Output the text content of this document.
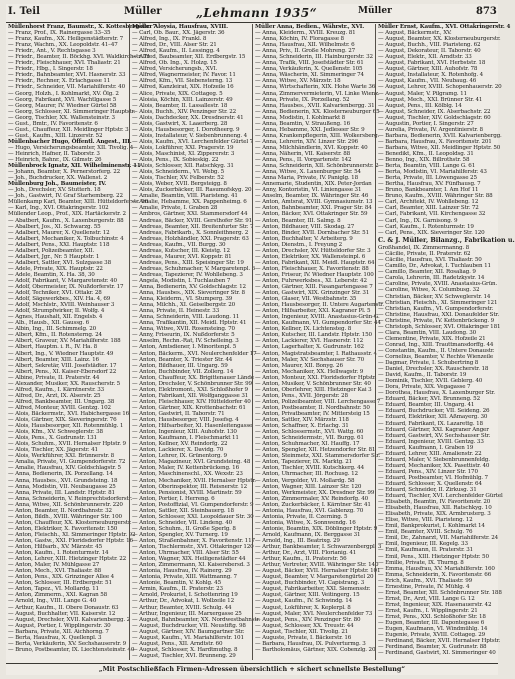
I. Teil	Müller	„Lehmann 1935“	Müller	873
Müllenhorst Franz, Baumstr., X. Kottesberg-str. 7
— Franz, Prof., IX. Rainergasse 33–35
— Franz, Kaufm., XX. Heiligenstädterstr. 7
— Franz, Wachm., XX. Leopoldstr. 41–47
— Friedr., Ant., V. Rechtsgasse 3
— Friedr., Beamter, II. Böckhg. XVI. Waldkirchstr. 71
— Friedr., Fleischhauer, XVI. Thaliastr. 21
— Friedr., Hbg., I. Singerstr. 18
— Friedr., Bahnbeamter, XVI. Hasnerstr. 33
— Friedr., Rechner, X. Erlachgasse 11
— Friedr., Schneider, VII. Mariahilferstr. 40
— Georg, Holzh., I. Kohlmarkt, XV. Ölg. 2
— Georg, Fabrikant, XVI. Wachtlgasse 5
— Georg, Maurer, IV. Wiedner Gürtel 58
— Georg, Schlosser, XI. Simmeringer Hauptstr.
— Georg, Tischler, XX. Wallensteinstr. 3
— Gust., Bmtr., IV. Favoritenstr. 6
— Gust., Chauffeur, XII. Meidlinger Hptstr. 3
— Gust., Kaufm., XIII. Linzerstr. 52
Müllenbacher Hugo, Öffentl. Angest., III.
— Hugo, Versicherungsbeamter, XII. Tivolig. 4
— Heinrich, Hafner, II. Taborstr. 3
— Heinrich, Bahnr., IX. Gilmstr. 26
Müllenbrock Ignatz, XII. Wilhelminenstr. 11
— Johann, Beamter, X. Pernerstorferg. 22
— Joh., Buchdrucker, XX. Wallenst. 2
Müllenburg Joh., Baumeister, IV.
— Joh., Drechsler, XV. Stutterh. 18
— Joh., Gastwirt, IV. Graf Starhemberg. 22
Müllenkamp Karl, Beamter, XIII. Hütteldorferstr. 90
— Karl, Ing., XVI. Ottakringerstr. 102
Müllender Leop., Prof., XIX. Hartäckerstr. 2
— Abatbert, Kaufm., X. Laxenburgerstr. 88
— Abalbert, Jos., XI. Schwarzg. 55
— Adalbert, Maurer, X. Quellenstr. 12
— Adalbert, Mechaniker, X. Tolbuchinstr. 4
— Adalbert, Pens., XXI. Hauptstr. 118
— Adalbert, Polizeibeamter, XII.
— Adalbert, Jgr., Nr. 5 Hauptstr. 1
— Adalbert, Sattler, XVI. Sulzgasse 38
— Adele, Private, XIX. Hauptstr. 22
— Adele, Beamtin, X. Ha. 38, 30
— Adolf, Fabrikant, V. Margaretenstr. 40
— Adolf, Obermeister, IX. Nußdorferstr. 17
— Adolf, Techniker, XVI. Ottakr. 28
— Adolf, Sägewerkbes., XIV. Ha. 4, 69
— Adolf, Mschlstr., XVIII. Weinhauser 3
— Adolf, Strumpfwirker, II. Wolfg. 4
— Agnes, Haushalt, XII. Engelsb. 4
— Alb., Hausb., XII. Gaussg. 6
— Albin, Ing., III. Schimmelg. 20
— Albert, Kfm., II. Rotensterng. 24
— Albert, Graveur, XV. Mariahilferstr. 188
— Albert, Hauptm. i. R., IV. Ha. 8
— Albert, Ing., V. Wiedner Hauptstr. 49
— Albert, Beamter, XIII. Lainz. 16
— Albert, Sekretär, VIII. Josefstädter. 17
— Albert, Pens., XI. Kaiser-Ebersdorf 22
— Albine, Private, II. Praterstr. 44
— Alexander, Musiker, XX. Rauscherstr. 5
— Alfred, Kaufm., I. Kärntnerstr. 33
— Alfred, Dr., Arzt, IX. Alserstr. 25
— Alfred, Bankbeamter, III. Ungarg. 38
— Alfred, Monteur, XVIII. Gentzg. 102
— Alois, Bäckermstr., XVI. Habichergasse 16
— Alois, Gärtner, XIX. Sieveringerstr. 76
— Alois, Hausbesorger, XII. Rotenmühlg. 1
— Alois, Kfm., XV. Schweglerstr. 38
— Alois, Pens., X. Gudrunstr. 131
— Alois, Schuhm., XVII. Hernalser Hptstr. 9
— Alois, Tischler, XX. Jägerstr. 41
— Alois, Werkführer, XXI. Brünnerstr. 8
— Amalia, Private, VI. Gumpendorferstr. 72
— Amalie, Hausfrau, XIV. Goldschlagstr. 5
— Anna, Bedienerin, IX. Porzellang. 14
— Anna, Hausbes., XVI. Grundsteing. 18
— Anna, Modistin, VII. Neubaugasse 25
— Anna, Private, III. Landstr. Hptstr. 81
— Anna, Schneiderin, V. Reinprechtsdorferstr.
— Anna, Witwe, XII. Schönbrunnerstr. 220
— Anton, Beamter, II. Nordbahnstr. 32
— Anton, Bildh., XVIII. Währinger Str. 100
— Anton, Chauffeur, XX. Klosterneuburgerstr.
— Anton, Elektriker, X. Favoritenstr. 150
— Anton, Fleischh., XI. Simmeringer Hptstr. 92
— Anton, Gastw., XXI. Floridsdorfer Hptstr. 16
— Anton, Hilfsarb., XV. Märzstr. 45
— Anton, Kaufm., I. Rotenturmstr. 14
— Anton, Lehrer, XIII. Hietzinger Hptstr. 22
— Anton, Maler, IV. Mühlgasse 27
— Anton, Mech., XVI. Thaliastr. 88
— Anton, Pens., XIX. Grinzinger Allee 4
— Anton, Schlosser, III. Erdbergstr. 51
— Anton, Tapez., VI. Mollardg. 11
— Anton, Zimmerm., XXI. Kagran 58
— Arnold, Ing., VIII. Lange G. 40
— Arthur, Kaufm., II. Obere Donaustr. 63
— August, Buchhalter, VII. Kaiserstr. 12
— August, Drechsler, XVII. Kalvarienbergg. 2
— August, Portier, I. Wipplingerstr. 30
— Barbara, Private, XII. Aichhorng. 7
— Berta, Hausfrau, X. Quellenpl. 3
— Berta, Verkäuferin, XV. Sechshauserstr. 9
— Bruno, Postbeamter, IX. Liechtensteinstr. 40
Müller Aloysia, Hausfrau, XVIII.
— Carl, Ob. Baur., XX. Jägerstr. 36
— Alfred, Ing., IX. Frankl. 8
— Alfred, Dr., VIII. Alser Str. 21
— Alfred, Kaufm., II. Lessingg. 4
— Alfred, Baubeamter, XII. Erdbergstr. 15
— Alfred, Ob. Ing., X. Holzg. 15
— Alfred, Versicherungsb., XVI.
— Alfred, Wagnermeister, IV. Favor. 11
— Alfred, Kfm., VII. Siebensterng. 13
— Alfred, Kanzleirat, XIX. Hofzeile 16
— Alice, Private, XIX. Cottageg. 5
— Aloisia, Köchin, XIII. Lainzerstr. 49
— Alois, Beamter, II. Lassallestr. 18
— Alois, Buchh., XIV. Penzinger Str. 22
— Alois, Dachdecker, XX. Dresdnerstr. 41
— Alois, Gastwirt, X. Laaerberg. 28
— Alois, Hausbesorger, I. Dorotheerg. 9
— Alois, Installateur, V. Siebenbrunneng. 4
— Alois, Kaufm., XVI. Lerchenfelder Gürtel 7
— Alois, Lokführer, XXI. Pragerstr. 19
— Alois, Maschinist, XI. Zippererstr. 3
— Alois, Pens., IX. Sobieskig. 22
— Alois, Schlosser, XII. Ratschkyg. 31
— Alois, Schneiderm., VI. Webg. 5
— Alois, Tischler, XV. Felberstr. 52
— Alois, Weber, XVII. Bergsteigg. 8
— Alois, Zuckerbäcker, III. Rasumofskyg. 20
— Amalie, Beamtin, VIII. Piaristeng. 41
— Amalie, Hebamme, XX. Pappenheimg. 6
— Amalie, Private, I. Graben 28
— Ambros, Gärtner, XXI. Stammersdorf 44
— Andreas, Bäcker, XVIII. Gersthofer Str. 91
— Andreas, Beamter, XII. Breitenfurter Str. 7
— Andreas, Fabrikarb., X. Sonnleithnerg. 2
— Andreas, Holzhändler, XXI. Pragerstr. 63
— Andreas, Kaufm., VII. Burgg. 30
— Andreas, Kutscher, III. Kleistg. 12
— Andreas, Maurer, XVI. Koppstr. 81
— Andreas, Pens., XIII. Speisinger Str. 19
— Andreas, Schuhmacher, V. Margaretenpl. 6
— Andreas, Tapezierer, IV. Wohllebeng. 3
— Angela, Modistin, I. Tuchlauben 7
— Anna, Bedienerin, XV. Goldschlagstr. 12
— Anna, Hausbes., XIX. Sieveringer Str. 8
— Anna, Kleiderm., VI. Stumperg. 39
— Anna, Milchh., XI. Geiselbergstr. 20
— Anna, Private, II. Heinestr. 33
— Anna, Schneiderin, VIII. Laudong. 11
— Anna, Trafikantin, XII. Meidl. Hptstr. 41
— Anna, Witwe, XVII. Rosensteing. 70
— Anny, Friseurin, IX. Nußdorferstr. 5
— Anselm, Rechn.-Rat, IV. Schelleing. 3
— Anton, Amtsdiener, I. Minoritenpl. 5
— Anton, Bäckerm., XVI. Neulerchenfelder 17
— Anton, Beamter, X. Triester Str. 44
— Anton, Bildhauer, III. Ungarg. 59
— Anton, Buchbinder, VII. Zollerg. 14
— Anton, Chauffeur, XX. Brigittenauer Lände
— Anton, Drechsler, V. Schönbrunner Str. 99
— Anton, Elektromont., XXI. Schloßhofer 9
— Anton, Fabrikant, XII. Wolfganggasse 31
— Anton, Fleischhauer, XIV. Hütteldorfer 40
— Anton, Gärtner, XIX. Krottenbachstr. 61
— Anton, Gastwirt, II. Taborstr. 71
— Anton, Hausbesorger, VIII. Josefsg. 4
— Anton, Hilfsarbeiter, XI. Hasenleitengasse
— Anton, Ingenieur, XIII. Auhofstr. 130
— Anton, Kaufmann, I. Fleischmarkt 11
— Anton, Kellner, XV. Reindorfg. 22
— Anton, Lackierer, X. Davidg. 70
— Anton, Lehrer, IX. Grünentorg. 9
— Anton, Magazineur, XVI. Grundsteing. 48
— Anton, Maler, IV. Kettenbrückeng. 16
— Anton, Maschinenschl., XX. Wexstr. 23
— Anton, Mechaniker, XVII. Hernalser Hptstr.
— Anton, Oberinspektor, III. Reisnerstr. 12
— Anton, Pensionist, XVIII. Martinstr. 59
— Anton, Portier, I. Herreng. 6
— Anton, Postoffizial, VI. Gumpendorferstr. 9
— Anton, Sattler, XII. Steinbauerg. 18
— Anton, Schlosser, XXI. Leopoldauer Str. 30
— Anton, Schneider, VII. Lindeng. 40
— Anton, Schuhm., II. Große Sperlg. 8
— Anton, Spengler, XV. Turnerg. 19
— Anton, Straßenbahner, X. Favoritenstr. 117
— Anton, Tischlermstr., XVI. Ottakringer 120
— Anton, Uhrmacher, VIII. Alser Str. 55
— Anton, Wagner, XIX. Heiligenstädter 44
— Anton, Zimmermann, XI. Kaiserebersd. 3
— Antonia, Hausfrau, IV. Rainerg. 29
— Antonia, Private, XIII. Wattmanng. 7
— Antonie, Beamtin, V. Kohlg. 45
— Armin, Kaufm., II. Praterstr. 23
— Arnold, Prokurist, I. Schottenring 19
— Arthur, Dr., Advokat, I. Wollzeile 12
— Arthur, Beamter, XVIII. Schulg. 44
— Arthur, Ingenieur, III. Marxergasse 25
— August, Bahnbeamter, XX. Nordwestbahnstr.
— August, Buchdrucker, VII. Neustiftg. 98
— August, Gärtner, XIV. Baumgartner Str.
— August, Kaufm., VI. Mariahilferstr. 101
— August, Pens., XII. Arndtstr. 60
— August, Schlosser, X. Hardtmuthg. 8
— August, Tischler, XVI. Brunneng. 29
Müller Anna, Bedien., Währstr., XVI.
— Anna, Kleiderm., XVIII. Kreuzg. 81
— Anna, Köchin, IV. Floragasse 8
— Anna, Hausfrau, XII. Wilhelmstr. 6
— Anna, Priv., II. Große Mohreng. 27
— Anna, Schneiderin, III. Hainburgerstr. 32
— Anna, Trafik, VIII. Josefstädter Str. 61
— Anna, Verkäuferin, X. Quellenstr. 105
— Anna, Wäscherin, XI. Simmeringer 74
— Anna, Witwe, XV. Märzstr. 18
— Anna, Wirtschafterin, XIX. Hohe Warte 36
— Anna, Zimmervermieterin, VI. Linke Wienz.
— Anna, Private, IX. Porzellang. 52
— Anna, Hausbes., XVII. Kalvarienbergg. 31
— Anna, Bedienerin, XX. Klosterneuburger 65
— Anna, Modistin, I. Kohlmarkt 8
— Anna, Beamtin, V. Straußeng. 16
— Anna, Hebamme, XXI. Jedleseer Str. 9
— Anna, Krankenpflegerin, XIII. Wolkersberg.
— Anna, Lehrerin, XIV. Linzer Str. 296
— Anna, Milchhändlerin, XVI. Koppstr. 40
— Anna, Näherin, VII. Kaiserstr. 88
— Anna, Pens., II. Vorgartenstr. 142
— Anna, Schneiderin, XII. Schönbrunnerstr. 2
— Anna, Witwe, X. Laxenburger Str. 54
— Anna Maria, Private, IV. Paniglg. 18
— Annemarie, Studentin, XIX. Peter-Jordan
— Anny, Kontoristin, VI. Liniengasse 31
— Anselm, Beamter, IX. Währinger Str. 46
— Anton, Amtsrat, XVIII. Gymnasiumstr. 13
— Anton, Bahnbeamter, XXI. Prager Str. 84
— Anton, Bäcker, XVI. Ottakringer Str. 59
— Anton, Beamter, III. Salmg. 8
— Anton, Bildhauer, VIII. Skodag. 27
— Anton, Binder, XVII. Dornbacher Str. 51
— Anton, Buchhalter, V. Arbeiterg. 9
— Anton, Dienstm., I. Freyung 2
— Anton, Drechsler, XV. Hütteldorfer Str. 3
— Anton, Elektriker, XX. Wallensteinpl. 6
— Anton, Fabrikant, XII. Meidl. Hauptstr. 64
— Anton, Fleischhauer, X. Favoritenstr. 88
— Anton, Friseur, IV. Wiedner Hauptstr. 100
— Anton, Fuhrwerksbes., XI. Leberstr. 42
— Anton, Gärtner, XIII. Fasangartengasse 7
— Anton, Gastwirt, XIX. Grinzinger Str. 31
— Anton, Glaser, VII. Westbahnstr. 35
— Anton, Hausbesorger, II. Untere Augartenstr.
— Anton, Hilfsarbeiter, XXI. Kagraner Pl. 5
— Anton, Ingenieur, XVIII. Anastasius-Grün-G.
— Anton, Kaufmann, VI. Gumpendorfer Str. 44
— Anton, Kellner, IX. Lichtensteg. 8
— Anton, Kutscher, III. Landstr. Hptstr. 150
— Anton, Lackierer, XVI. Hasnerstr. 112
— Anton, Lagerhalter, X. Gudrunstr. 162
— Anton, Magistratsbeamter, I. Rathausstr. 4
— Anton, Maler, XV. Sechshauser Str. 70
— Anton, Maurer, XII. Bonyg. 26
— Anton, Mechaniker, XX. Hellwagstr. 9
— Anton, Monteur, XXI. Floridsdorfer Hptstr.
— Anton, Musiker, V. Schönbrunner Str. 40
— Anton, Oberlehrer, XIII. Hietzinger Kai 3
— Anton, Pens., XVII. Jörgerstr. 28
— Anton, Polizeibeamter, VIII. Lerchengasse 7
— Anton, Postbeamter, II. Nordbahnstr. 50
— Anton, Privatbeamter, IV. Mittersteig 15
— Anton, Sattler, XIV. Märzstr. 118
— Anton, Schaffner, X. Erlachg. 31
— Anton, Schlossermstr., XVI. Wattg. 60
— Anton, Schneidermstr., VII. Burgg. 61
— Anton, Schuhmacher, XI. Hauffg. 17
— Anton, Spengler, XII. Hetzendorfer Str. 81
— Anton, Steinmetz, XXI. Stammersdorfer Str.
— Anton, Tapezierer, IX. Marktg. 21
— Anton, Tischler, XVIII. Kutschkerg. 44
— Anton, Uhrmacher, III. Rochusg. 12
— Anton, Vergolder, VI. Mollardg. 58
— Anton, Wagner, XIII. Lainzer Str. 120
— Anton, Werkmeister, XX. Dresdner Str. 99
— Anton, Zimmermaler, XV. Reindorfg. 40
— Anton, Zuckerbäcker, I. Kärntner Str. 41
— Antonia, Hausfrau, XVI. Gablenzg. 70
— Antonia, Private, II. Czerning. 5
— Antonia, Witwe, X. Sonnwendg. 16
— Antonie, Beamtin, XIX. Döblinger Hptstr. 9
— Arnold, Kaufmann, IX. Berggasse 31
— Arnold, Ing., III. Beatrixg. 29
— Arthur, Bankbeamter, I. Schwarzenbergpl. 3
— Arthur, Dr., Arzt, VIII. Florianig. 41
— Arthur, Kaufm., II. Praterstr. 56
— Arthur, Vertreter, XVIII. Währinger Str. 140
— August, Bäcker, XVII. Hernalser Hptstr. 101
— August, Beamter, V. Margaretengürtel 20
— August, Buchbinder, VI. Capistrang. 3
— August, Fabrikarbeiter, XXI. Siemensstr.
— August, Gärtner, XIII. Veitingerg. 15
— August, Kaufm., IV. Schwindg. 14
— August, Lokführer, X. Keplerpl. 8
— August, Maler, XVI. Neulerchenfelder 73
— August, Pens., XIV. Penzinger Str. 80
— August, Schlosser, XX. Treustr. 44
— August, Tischler, XII. Tivolig. 21
— Auguste, Private, I. Bäckerstr. 16
— Barbara, Hausfrau, IX. Pulverturmg. 3
— Bartholomäus, Gärtner, XIX. Cobenzlg. 20
Müller Ernst, Kaufm., XVI. Ottakringerstr. 4
— August, Bäckermstr., XV.
— August, Beamter, XX. Klosterneuburgerstr.
— August, Buchh., VIII. Piaristeng. 62
— August, Dekorateur, II. Taborstr. 40
— August, Elektr., XII. Arndtstr. 33
— August, Fabrikant, XVI. Herbststr. 18
— August, Gärtner, XIII. Auhofstr. 78
— August, Installateur, X. Rotenhofg. 4
— August, Kaufm., VII. Neubaug. 46
— August, Lehrer, XVIII. Schopenhauerstr. 20
— August, Maler, V. Pilgramg. 11
— August, Mech., XXI. Brünner Str. 41
— August, Pens., III. Kölblg. 14
— August, Schneider, IX. Alserbachstr. 22
— August, Tischler, XIV. Goldschlagstr. 60
— Augustin, Portier, I. Singerstr. 27
— Aurelia, Private, IV. Argentinierstr. 8
— Barbara, Bedienerin, XVII. Kalvarienbergg.
— Barbara, Hausfrau, X. Favoritenstr. 201
— Barbara, Witwe, XII. Meidlinger Hptstr. 50
— Benedikt, Kfm., II. Leopoldsg. 31
— Benno, Ing., XIX. Billrothstr. 58
— Berta, Beamtin, VIII. Lange G. 61
— Berta, Modistin, VI. Mariahilferstr. 43
— Berta, Private, III. Löwengasse 25
— Bertha, Hausfrau, XV. Fünfhausg. 7
— Bruno, Bankbeamter, I. Am Hof 11
— Bruno, Kaufm., XVIII. Währinger Str. 88
— Carl, Architekt, IV. Wohllebeng. 12
— Carl, Beamter, XIII. Lainzer Str. 72
— Carl, Fabrikant, VII. Kirchengasse 32
— Carl, Ing., IX. Garnisong. 9
— Carl, Kaufm., I. Rotenturmstr. 19
— Carl, Pens., XIX. Sieveringer Str. 120
C. & J. Müller, Bilanzg., Fabrikation u.
Großhandel, IX. Zimmermanng. 8
— Cäcilie, Private, II. Praterstr. 62
— Cäcilie, Hausfrau, XVI. Thaliastr. 50
— Camillo, Dr., Advokat, I. Tuchlauben 11
— Camillo, Beamter, XII. Rosaliag. 9
— Carola, Lehrerin, III. Radetzkystr. 14
— Caroline, Private, XVIII. Anastasius-Grün.
— Caroline, Witwe, X. Columbusg. 32
— Christian, Bäcker, XV. Schweglerstr. 14
— Christian, Fleischh., XI. Simmeringer 121
— Christian, Kaufm., VI. Gumpendorferstr.
— Christine, Hausfrau, XXI. Donaufelder Str.
— Christine, Private, IV. Kettenbrückeng. 9
— Christoph, Schlosser, XVI. Ottakringer 181
— Clara, Beamtin, VIII. Laudong. 30
— Clementine, Private, XIX. Hofzeile 21
— Conrad, Ing., XIII. Trauttmansdorffg. 44
— Constantin, Kaufm., II. Untere Donaustr.
— Cornelius, Beamter, V. Rechte Wienzeile
— Dagmar, Private, I. Schubertring 8
— Daniel, Drechsler, XX. Rauscherstr. 18
— David, Kaufm., II. Taborstr. 19
— Dominik, Tischler, XVII. Geblerg. 40
— Dora, Private, XIX. Vegagasse 7
— Dorothea, Hausfrau, X. Laxenburger Str.
— Eduard, Bäcker, XVI. Brunneng. 52
— Eduard, Beamter, III. Ungarg. 41
— Eduard, Buchdrucker, VII. Seideng. 26
— Eduard, Elektriker, XII. Aßmayerg. 30
— Eduard, Fabrikant, IX. Lazarettg. 18
— Eduard, Gärtner, XXI. Kagraner Anger
— Eduard, Gastwirt, XV. Sechshauser Str.
— Eduard, Ingenieur, XVIII. Gentzg. 33
— Eduard, Kaufmann, I. Graben 19
— Eduard, Lehrer, XIII. Amalienstr. 22
— Eduard, Maler, V. Siebenbrunnenfeldg.
— Eduard, Mechaniker, XX. Pasettistr. 40
— Eduard, Pens., XIV. Linzer Str. 170
— Eduard, Postbeamter, VI. Hofmühlg. 7
— Eduard, Schlosser, X. Quellenstr. 64
— Eduard, Schneider, II. Zirkusg. 31
— Eduard, Tischler, XVI. Lerchenfelder Gürtel
— Elisabeth, Beamtin, IV. Favoritenstr. 20
— Elisabeth, Hausfrau, XII. Ratschkyg. 10
— Elisabeth, Private, XIX. Armbrusterg. 3
— Elise, Witwe, VIII. Piaristeng. 12
— Emil, Bankprokurist, I. Kohlmarkt 14
— Emil, Beamter, XVIII. Schulg. 76
— Emil, Dr., Zahnarzt, VII. Mariahilferstr. 24
— Emil, Ingenieur, III. Kegelg. 33
— Emil, Kaufmann, II. Praterstr. 31
— Emil, Pens., XIII. Hietzinger Hptstr. 50
— Emilie, Private, IX. Thurng. 8
— Emma, Hausfrau, XV. Mariahilferstr. 160
— Emma, Schneiderin, X. Favoritenstr. 66
— Erich, Kaufm., XVI. Thaliastr. 99
— Ernestine, Private, IV. Mühlg. 4
— Ernst, Beamter, XII. Schönbrunner Str. 188
— Ernst, Dr., Arzt, VIII. Lange G. 12
— Ernst, Ingenieur, XIX. Hasenauerstr. 42
— Ernst, Kaufm., I. Wipplingerstr. 21
— Ernst, Pens., XXI. Schloßhofer Str. 18
— Eugen, Beamter, III. Dapontegasse 6
— Eugen, Kaufmann, VI. Windmühlg. 14
— Eugenie, Private, XVIII. Cottageg. 29
— Ferdinand, Bäcker, XVII. Hernalser Hptstr.
— Ferdinand, Beamter, X. Gudrunstr. 88
— Ferdinand, Gastwirt, XI. Simmeringer 40
„Mit Postschließfach Firmen-Adressen übersichtlich + sichert schnellste Bestellung“
